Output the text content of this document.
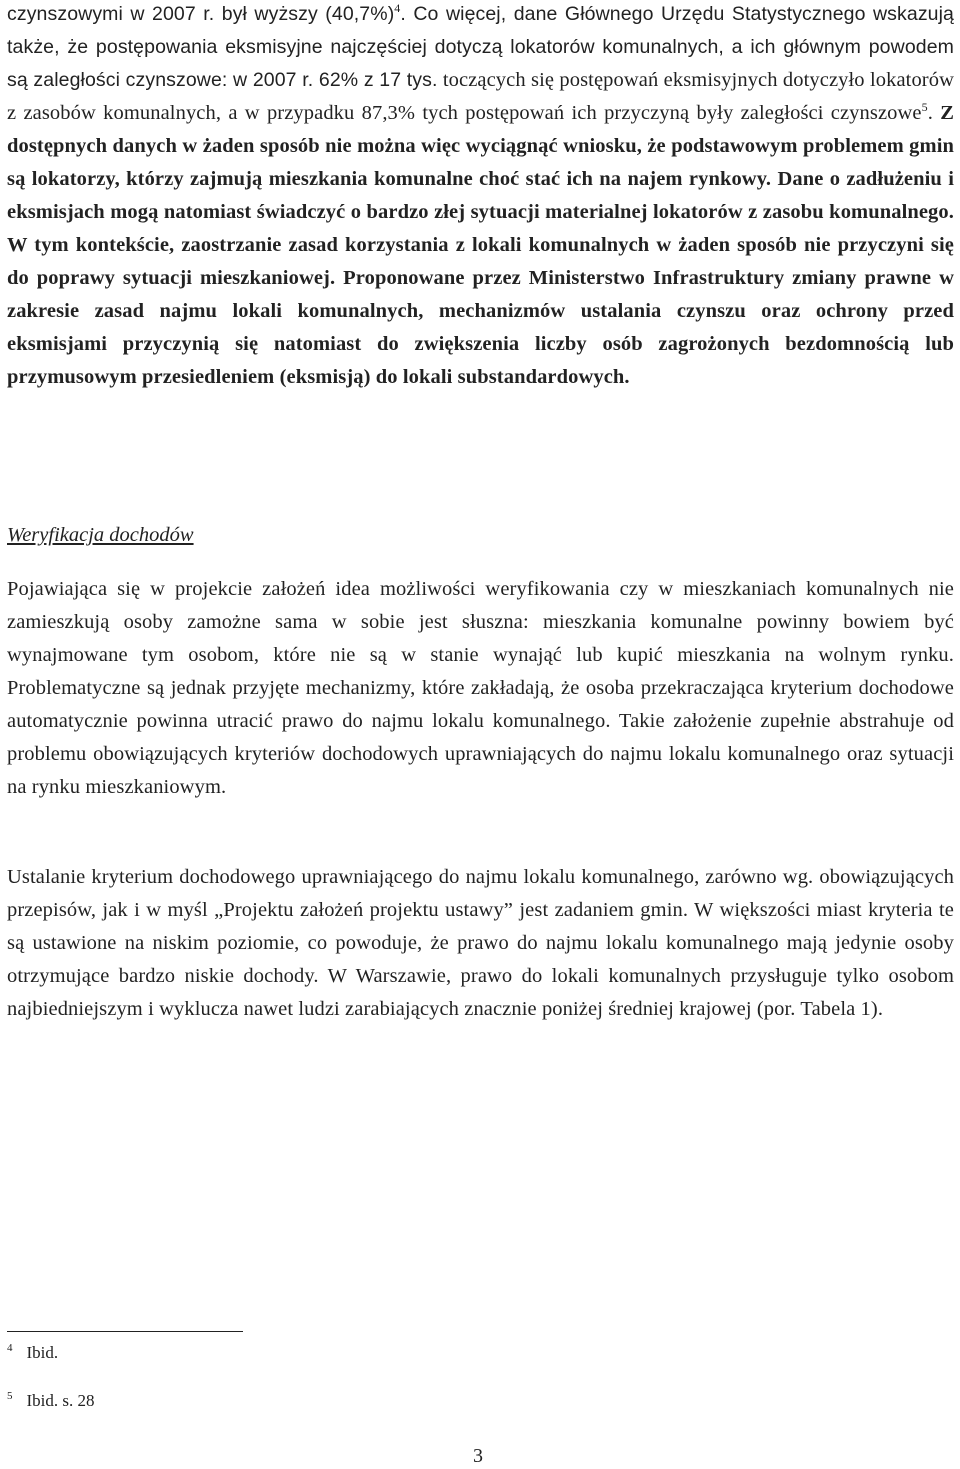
czynszowymi w 2007 r. był wyższy $(40,7\%)^4$. Co więcej, dane Głównego Urzędu Statystycznego wskazują także, że postępowania eksmisyjne najczęściej dotyczą lokatorów komunalnych, a ich głównym powodem są zaległości czynszowe: w 2007 r. 62% z 17 tys. toczących się postępowań eksmisyjnych dotyczyło lokatorów z zasobów komunalnych, a w przypadku 87,3% tych postępowań ich przyczyną były zaległości czynszowe$^5$. Z dostępnych danych w żaden sposób nie można więc wyciągnąć wniosku, że podstawowym problemem gmin są lokatorzy, którzy zajmują mieszkania komunalne choć stać ich na najem rynkowy. Dane o zadłużeniu i eksmisjach mogą natomiast świadczyć o bardzo złej sytuacji materialnej lokatorów z zasobu komunalnego. W tym kontekście, zaostrzanie zasad korzystania z lokali komunalnych w żaden sposób nie przyczyni się do poprawy sytuacji mieszkaniowej. Proponowane przez Ministerstwo Infrastruktury zmiany prawne w zakresie zasad najmu lokali komunalnych, mechanizmów ustalania czynszu oraz ochrony przed eksmisjami przyczynią się natomiast do zwiększenia liczby osób zagrożonych bezdomnością lub przymusowym przesiedleniem (eksmisją) do lokali substandardowych.

Weryfikacja dochodów

Pojawiająca się w projekcie założeń idea możliwości weryfikowania czy w mieszkaniach komunalnych nie zamieszkują osoby zamożne sama w sobie jest słuszna: mieszkania komunalne powinny bowiem być wynajmowane tym osobom, które nie są w stanie wynająć lub kupić mieszkania na wolnym rynku. Problematyczne są jednak przyjęte mechanizmy, które zakładają, że osoba przekraczająca kryterium dochodowe automatycznie powinna utracić prawo do najmu lokalu komunalnego. Takie założenie zupełnie abstrahuje od problemu obowiązujących kryteriów dochodowych uprawniających do najmu lokalu komunalnego oraz sytuacji na rynku mieszkaniowym.

Ustalanie kryterium dochodowego uprawniającego do najmu lokalu komunalnego, zarówno wg. obowiązujących przepisów, jak i w myśl „Projektu założeń projektu ustawy” jest zadaniem gmin. W większości miast kryteria te są ustawione na niskim poziomie, co powoduje, że prawo do najmu lokalu komunalnego mają jedynie osoby otrzymujące bardzo niskie dochody. W Warszawie, prawo do lokali komunalnych przysługuje tylko osobom najbiedniejszym i wyklucza nawet ludzi zarabiających znacznie poniżej średniej krajowej (por. Tabela 1).

$^4$ Ibid.
$^5$ Ibid. s. 28
3
